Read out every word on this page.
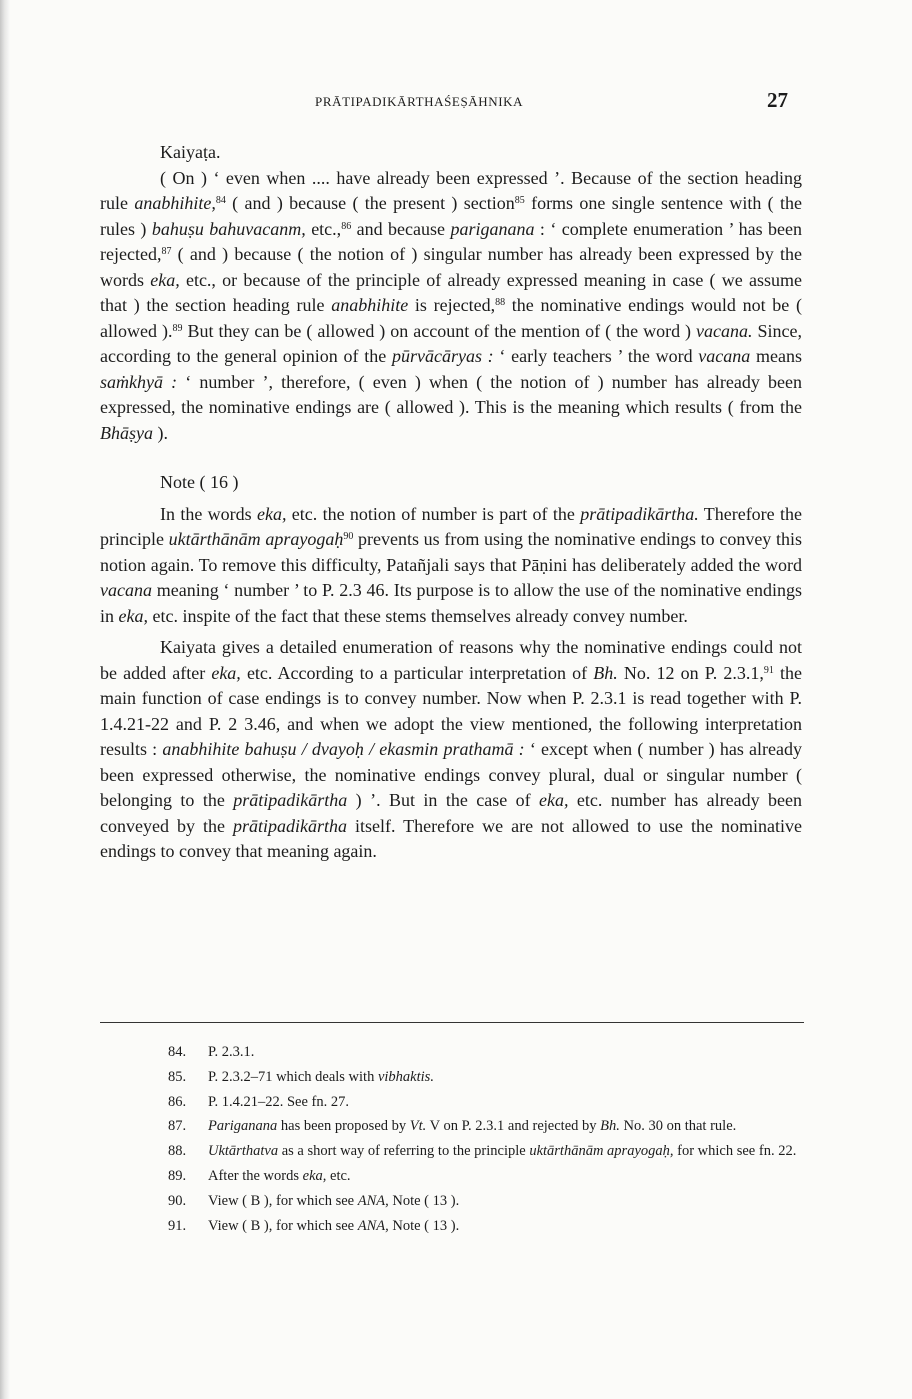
PRĀTIPADIKĀRTHAŚEṢĀHNIKA	27

Kaiyaṭa.

( On ) ‘ even when .... have already been expressed ’. Because of the section heading rule anabhihite,$^{84}$ ( and ) because ( the present ) section$^{85}$ forms one single sentence with ( the rules ) bahuṣu bahuvacanm, etc.,$^{86}$ and because pariganana : ‘ complete enumeration ’ has been rejected,$^{87}$ ( and ) because ( the notion of ) singular number has already been expressed by the words eka, etc., or because of the principle of already expressed meaning in case ( we assume that ) the section heading rule anabhihite is rejected,$^{88}$ the nominative endings would not be ( allowed ).$^{89}$ But they can be ( allowed ) on account of the mention of ( the word ) vacana. Since, according to the general opinion of the pūrvācāryas : ‘ early teachers ’ the word vacana means saṁkhyā : ‘ number ’, therefore, ( even ) when ( the notion of ) number has already been expressed, the nominative endings are ( allowed ). This is the meaning which results ( from the Bhāṣya ).

Note ( 16 )

In the words eka, etc. the notion of number is part of the prātipadikārtha. Therefore the principle uktārthānām aprayogaḥ$^{90}$ prevents us from using the nominative endings to convey this notion again. To remove this difficulty, Patañjali says that Pāṇini has deliberately added the word vacana meaning ‘ number ’ to P. 2.3 46. Its purpose is to allow the use of the nominative endings in eka, etc. inspite of the fact that these stems themselves already convey number.

Kaiyata gives a detailed enumeration of reasons why the nominative endings could not be added after eka, etc. According to a particular interpretation of Bh. No. 12 on P. 2.3.1,91 the main function of case endings is to convey number. Now when P. 2.3.1 is read together with P. 1.4.21-22 and P. 2 3.46, and when we adopt the view mentioned, the following interpretation results : anabhihite bahuṣu / dvayoḥ / ekasmin prathamā : ‘ except when ( number ) has already been expressed otherwise, the nominative endings convey plural, dual or singular number ( belonging to the prātipadikārtha ) ’. But in the case of eka, etc. number has already been conveyed by the prātipadikārtha itself. Therefore we are not allowed to use the nominative endings to convey that meaning again.

84. P. 2.3.1.

85. P. 2.3.2–71 which deals with vibhaktis.

86. P. 1.4.21–22. See fn. 27.

87. Pariganana has been proposed by Vt. V on P. 2.3.1 and rejected by Bh. No. 30 on that rule.

88. Uktārthatva as a short way of referring to the principle uktārthānām aprayogaḥ, for which see fn. 22.

89. After the words eka, etc.

90. View ( B ), for which see ANA, Note ( 13 ).

91. View ( B ), for which see ANA, Note ( 13 ).
